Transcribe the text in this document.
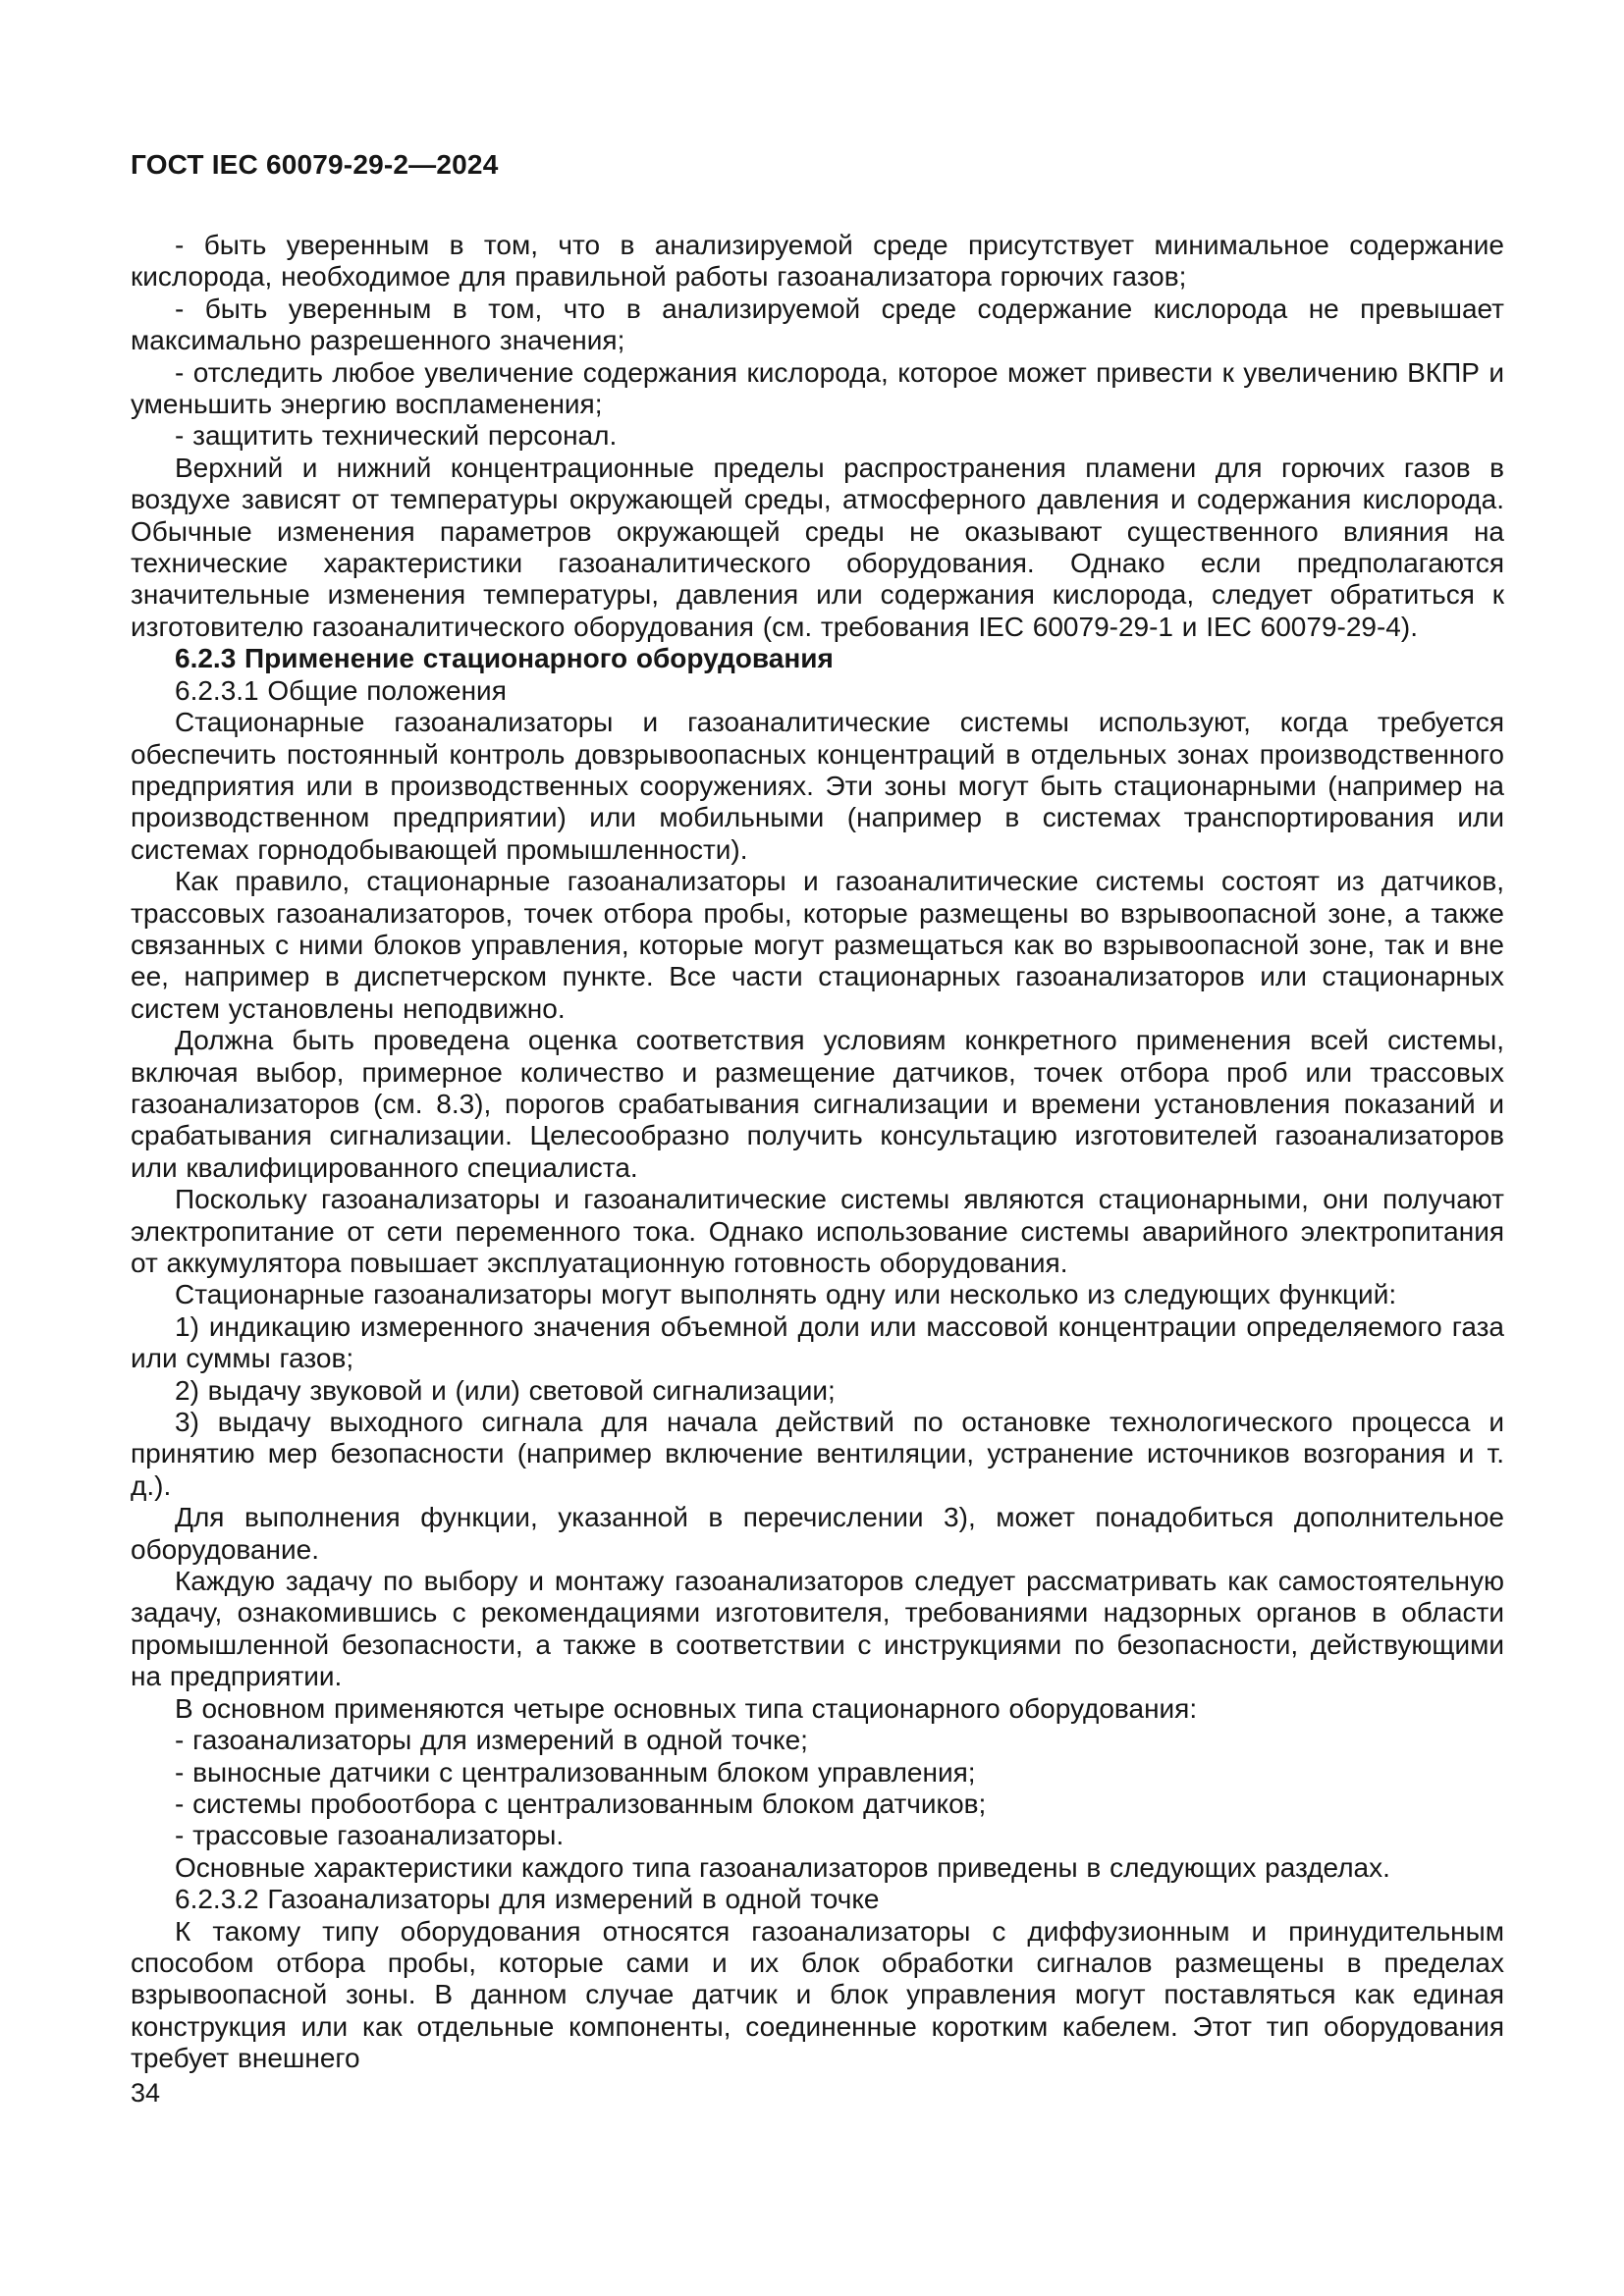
ГОСТ IEC 60079-29-2—2024

- быть уверенным в том, что в анализируемой среде присутствует минимальное содержание кислорода, необходимое для правильной работы газоанализатора горючих газов;

- быть уверенным в том, что в анализируемой среде содержание кислорода не превышает максимально разрешенного значения;

- отследить любое увеличение содержания кислорода, которое может привести к увеличению ВКПР и уменьшить энергию воспламенения;

- защитить технический персонал.

Верхний и нижний концентрационные пределы распространения пламени для горючих газов в воздухе зависят от температуры окружающей среды, атмосферного давления и содержания кислорода. Обычные изменения параметров окружающей среды не оказывают существенного влияния на технические характеристики газоаналитического оборудования. Однако если предполагаются значительные изменения температуры, давления или содержания кислорода, следует обратиться к изготовителю газоаналитического оборудования (см. требования IEC 60079-29-1 и IEC 60079-29-4).

6.2.3 Применение стационарного оборудования

6.2.3.1 Общие положения

Стационарные газоанализаторы и газоаналитические системы используют, когда требуется обеспечить постоянный контроль довзрывоопасных концентраций в отдельных зонах производственного предприятия или в производственных сооружениях. Эти зоны могут быть стационарными (например на производственном предприятии) или мобильными (например в системах транспортирования или системах горнодобывающей промышленности).

Как правило, стационарные газоанализаторы и газоаналитические системы состоят из датчиков, трассовых газоанализаторов, точек отбора пробы, которые размещены во взрывоопасной зоне, а также связанных с ними блоков управления, которые могут размещаться как во взрывоопасной зоне, так и вне ее, например в диспетчерском пункте. Все части стационарных газоанализаторов или стационарных систем установлены неподвижно.

Должна быть проведена оценка соответствия условиям конкретного применения всей системы, включая выбор, примерное количество и размещение датчиков, точек отбора проб или трассовых газоанализаторов (см. 8.3), порогов срабатывания сигнализации и времени установления показаний и срабатывания сигнализации. Целесообразно получить консультацию изготовителей газоанализаторов или квалифицированного специалиста.

Поскольку газоанализаторы и газоаналитические системы являются стационарными, они получают электропитание от сети переменного тока. Однако использование системы аварийного электропитания от аккумулятора повышает эксплуатационную готовность оборудования.

Стационарные газоанализаторы могут выполнять одну или несколько из следующих функций:

1) индикацию измеренного значения объемной доли или массовой концентрации определяемого газа или суммы газов;

2) выдачу звуковой и (или) световой сигнализации;

3) выдачу выходного сигнала для начала действий по остановке технологического процесса и принятию мер безопасности (например включение вентиляции, устранение источников возгорания и т. д.).

Для выполнения функции, указанной в перечислении 3), может понадобиться дополнительное оборудование.

Каждую задачу по выбору и монтажу газоанализаторов следует рассматривать как самостоятельную задачу, ознакомившись с рекомендациями изготовителя, требованиями надзорных органов в области промышленной безопасности, а также в соответствии с инструкциями по безопасности, действующими на предприятии.

В основном применяются четыре основных типа стационарного оборудования:

- газоанализаторы для измерений в одной точке;

- выносные датчики с централизованным блоком управления;

- системы пробоотбора с централизованным блоком датчиков;

- трассовые газоанализаторы.

Основные характеристики каждого типа газоанализаторов приведены в следующих разделах.

6.2.3.2 Газоанализаторы для измерений в одной точке

К такому типу оборудования относятся газоанализаторы с диффузионным и принудительным способом отбора пробы, которые сами и их блок обработки сигналов размещены в пределах взрывоопасной зоны. В данном случае датчик и блок управления могут поставляться как единая конструкция или как отдельные компоненты, соединенные коротким кабелем. Этот тип оборудования требует внешнего

34
